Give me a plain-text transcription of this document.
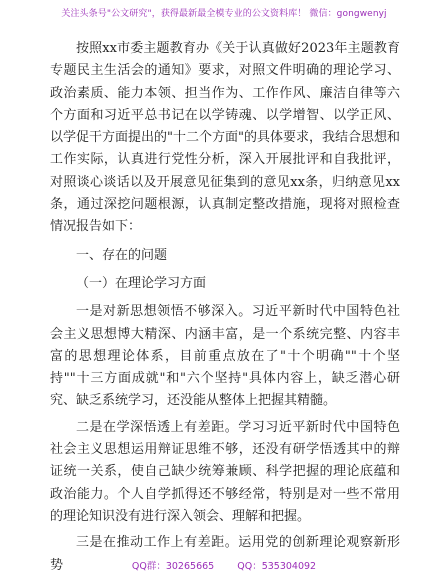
关注头条号"公文研究"，获得最新最全模专业的公文资料库！ 微信：gongwenyj

按照xx市委主题教育办《关于认真做好2023年主题教育专题民主生活会的通知》要求，对照文件明确的理论学习、政治素质、能力本领、担当作为、工作作风、廉洁自律等六个方面和习近平总书记在以学铸魂、以学增智、以学正风、以学促干方面提出的"十二个方面"的具体要求，我结合思想和工作实际，认真进行党性分析，深入开展批评和自我批评，对照谈心谈话以及开展意见征集到的意见xx条，归纳意见xx条，通过深挖问题根源，认真制定整改措施，现将对照检查情况报告如下：

一、存在的问题

（一）在理论学习方面

一是对新思想领悟不够深入。习近平新时代中国特色社会主义思想博大精深、内涵丰富，是一个系统完整、内容丰富的思想理论体系，目前重点放在了"十个明确""十个坚持""十三方面成就"和"六个坚持"具体内容上，缺乏潜心研究、缺乏系统学习，还没能从整体上把握其精髓。

二是在学深悟透上有差距。学习习近平新时代中国特色社会主义思想运用辩证思维不够，还没有研学悟透其中的辩证统一关系，使自己缺少统筹兼顾、科学把握的理论底蕴和政治能力。个人自学抓得还不够经常，特别是对一些不常用的理论知识没有进行深入领会、理解和把握。

三是在推动工作上有差距。运用党的创新理论观察新形势	QQ群：30265665 QQ：535304092
